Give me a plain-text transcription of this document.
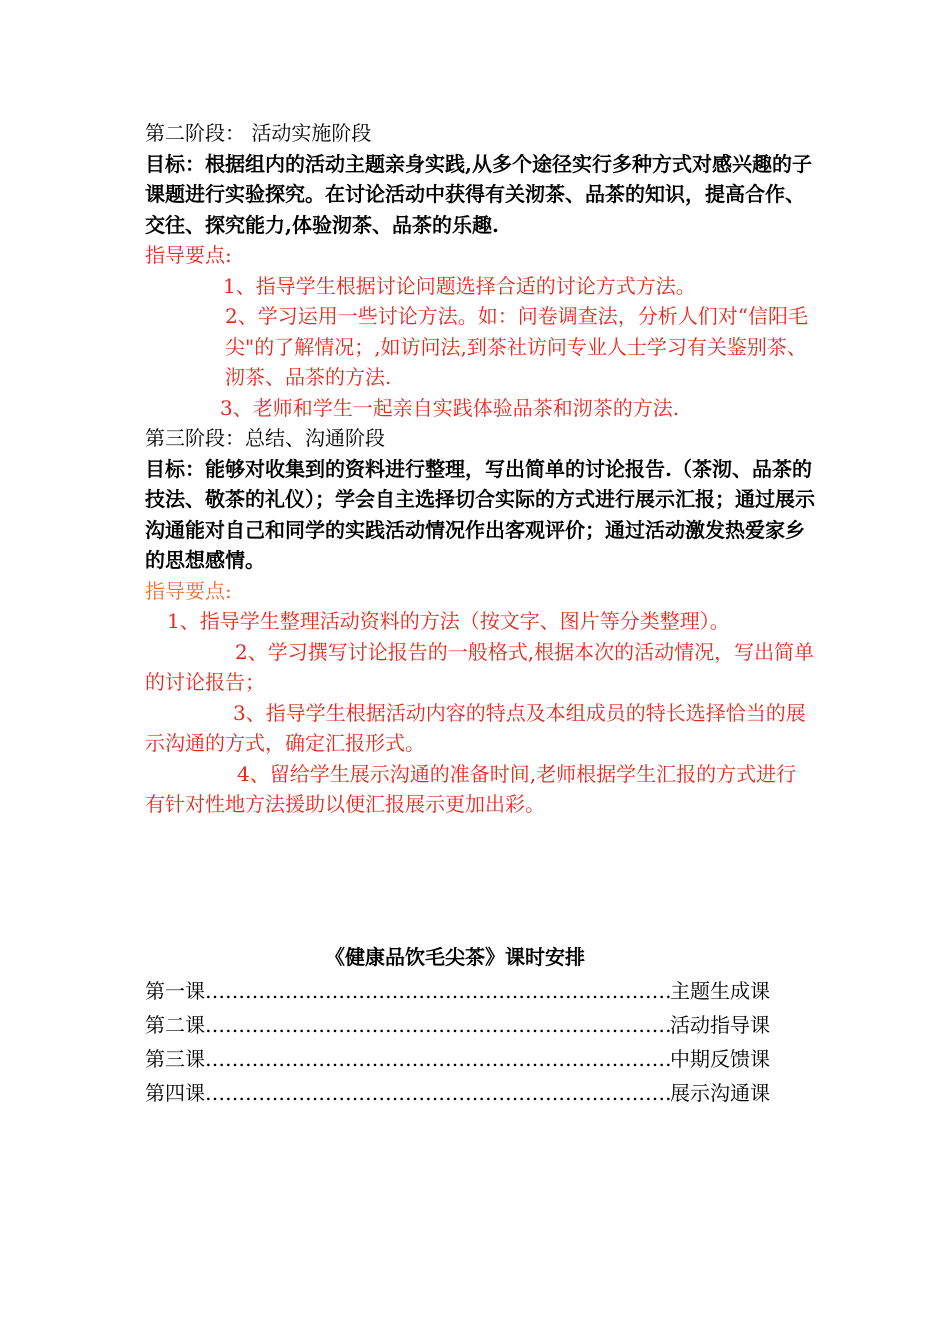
第二阶段： 活动实施阶段
目标：根据组内的活动主题亲身实践,从多个途径实行多种方式对感兴趣的子课题进行实验探究。在讨论活动中获得有关沏茶、品茶的知识，提高合作、交往、探究能力,体验沏茶、品茶的乐趣.
指导要点:
1、指导学生根据讨论问题选择合适的讨论方式方法。
2、学习运用一些讨论方法。如：问卷调查法，分析人们对“信阳毛尖"的了解情况；,如访问法,到茶社访问专业人士学习有关鉴别茶、沏茶、品茶的方法.
3、老师和学生一起亲自实践体验品茶和沏茶的方法.
第三阶段：总结、沟通阶段
目标：能够对收集到的资料进行整理，写出简单的讨论报告.（茶沏、品茶的技法、敬茶的礼仪）；学会自主选择切合实际的方式进行展示汇报；通过展示沟通能对自己和同学的实践活动情况作出客观评价；通过活动激发热爱家乡的思想感情。
指导要点:
1、指导学生整理活动资料的方法（按文字、图片等分类整理）。
2、学习撰写讨论报告的一般格式,根据本次的活动情况，写出简单的讨论报告；
3、指导学生根据活动内容的特点及本组成员的特长选择恰当的展示沟通的方式，确定汇报形式。
4、留给学生展示沟通的准备时间,老师根据学生汇报的方式进行有针对性地方法援助以便汇报展示更加出彩。
《健康品饮毛尖茶》课时安排
第一课 ……………………………………………………………………………………………………	主题生成课
第二课 ……………………………………………………………………………………………………	活动指导课
第三课 ……………………………………………………………………………………………………	中期反馈课
第四课 ……………………………………………………………………………………………………	展示沟通课
